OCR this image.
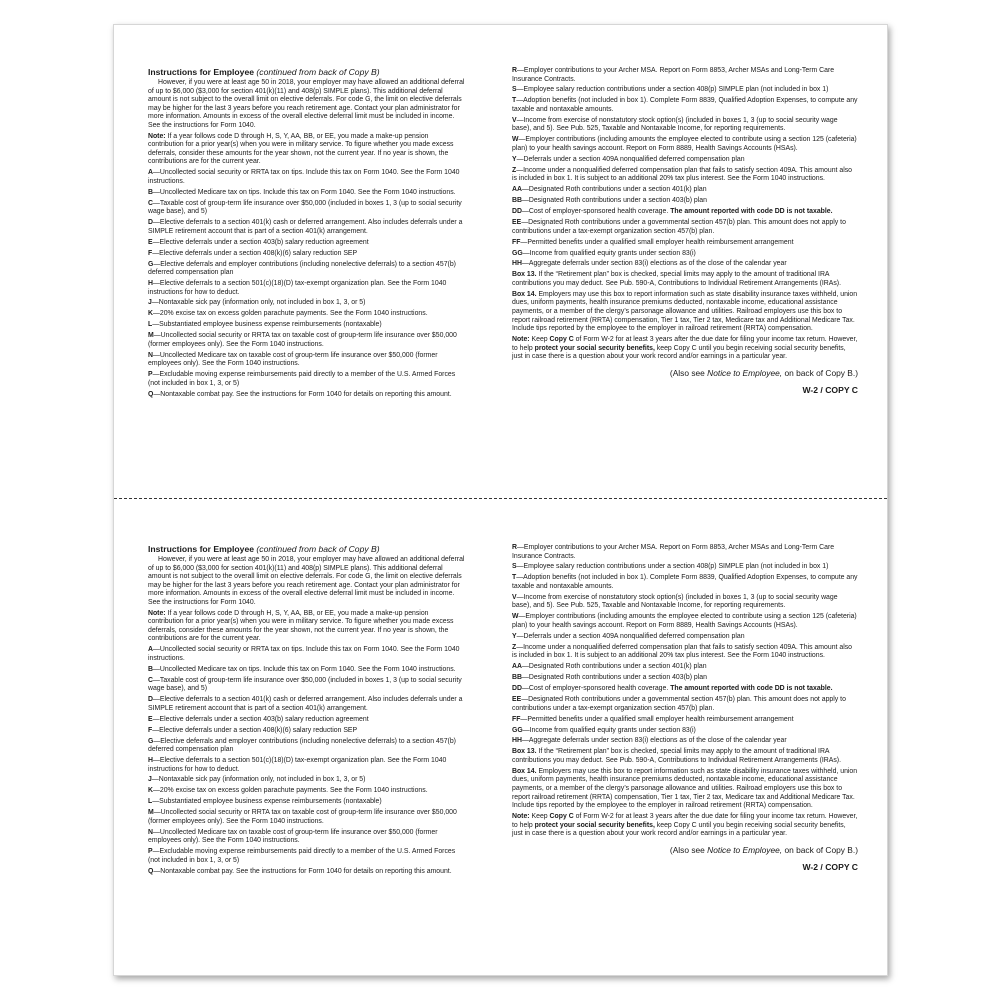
Instructions for Employee (continued from back of Copy B)

However, if you were at least age 50 in 2018, your employer may have allowed an additional deferral of up to $6,000 ($3,000 for section 401(k)(11) and 408(p) SIMPLE plans). This additional deferral amount is not subject to the overall limit on elective deferrals. For code G, the limit on elective deferrals may be higher for the last 3 years before you reach retirement age. Contact your plan administrator for more information. Amounts in excess of the overall elective deferral limit must be included in income. See the instructions for Form 1040.

Note: If a year follows code D through H, S, Y, AA, BB, or EE, you made a make-up pension contribution for a prior year(s) when you were in military service. To figure whether you made excess deferrals, consider these amounts for the year shown, not the current year. If no year is shown, the contributions are for the current year.

A—Uncollected social security or RRTA tax on tips. Include this tax on Form 1040. See the Form 1040 instructions.

B—Uncollected Medicare tax on tips. Include this tax on Form 1040. See the Form 1040 instructions.

C—Taxable cost of group-term life insurance over $50,000 (included in boxes 1, 3 (up to social security wage base), and 5)

D—Elective deferrals to a section 401(k) cash or deferred arrangement. Also includes deferrals under a SIMPLE retirement account that is part of a section 401(k) arrangement.

E—Elective deferrals under a section 403(b) salary reduction agreement

F—Elective deferrals under a section 408(k)(6) salary reduction SEP

G—Elective deferrals and employer contributions (including nonelective deferrals) to a section 457(b) deferred compensation plan

H—Elective deferrals to a section 501(c)(18)(D) tax-exempt organization plan. See the Form 1040 instructions for how to deduct.

J—Nontaxable sick pay (information only, not included in box 1, 3, or 5)

K—20% excise tax on excess golden parachute payments. See the Form 1040 instructions.

L—Substantiated employee business expense reimbursements (nontaxable)

M—Uncollected social security or RRTA tax on taxable cost of group-term life insurance over $50,000 (former employees only). See the Form 1040 instructions.

N—Uncollected Medicare tax on taxable cost of group-term life insurance over $50,000 (former employees only). See the Form 1040 instructions.

P—Excludable moving expense reimbursements paid directly to a member of the U.S. Armed Forces (not included in box 1, 3, or 5)

Q—Nontaxable combat pay. See the instructions for Form 1040 for details on reporting this amount.

R—Employer contributions to your Archer MSA. Report on Form 8853, Archer MSAs and Long-Term Care Insurance Contracts.

S—Employee salary reduction contributions under a section 408(p) SIMPLE plan (not included in box 1)

T—Adoption benefits (not included in box 1). Complete Form 8839, Qualified Adoption Expenses, to compute any taxable and nontaxable amounts.

V—Income from exercise of nonstatutory stock option(s) (included in boxes 1, 3 (up to social security wage base), and 5). See Pub. 525, Taxable and Nontaxable Income, for reporting requirements.

W—Employer contributions (including amounts the employee elected to contribute using a section 125 (cafeteria) plan) to your health savings account. Report on Form 8889, Health Savings Accounts (HSAs).

Y—Deferrals under a section 409A nonqualified deferred compensation plan

Z—Income under a nonqualified deferred compensation plan that fails to satisfy section 409A. This amount also is included in box 1. It is subject to an additional 20% tax plus interest. See the Form 1040 instructions.

AA—Designated Roth contributions under a section 401(k) plan

BB—Designated Roth contributions under a section 403(b) plan

DD—Cost of employer-sponsored health coverage. The amount reported with code DD is not taxable.

EE—Designated Roth contributions under a governmental section 457(b) plan. This amount does not apply to contributions under a tax-exempt organization section 457(b) plan.

FF—Permitted benefits under a qualified small employer health reimbursement arrangement

GG—Income from qualified equity grants under section 83(i)

HH—Aggregate deferrals under section 83(i) elections as of the close of the calendar year

Box 13. If the “Retirement plan” box is checked, special limits may apply to the amount of traditional IRA contributions you may deduct. See Pub. 590-A, Contributions to Individual Retirement Arrangements (IRAs).

Box 14. Employers may use this box to report information such as state disability insurance taxes withheld, union dues, uniform payments, health insurance premiums deducted, nontaxable income, educational assistance payments, or a member of the clergy’s parsonage allowance and utilities. Railroad employers use this box to report railroad retirement (RRTA) compensation, Tier 1 tax, Tier 2 tax, Medicare tax and Additional Medicare Tax. Include tips reported by the employee to the employer in railroad retirement (RRTA) compensation.

Note: Keep Copy C of Form W-2 for at least 3 years after the due date for filing your income tax return. However, to help protect your social security benefits, keep Copy C until you begin receiving social security benefits, just in case there is a question about your work record and/or earnings in a particular year.

(Also see Notice to Employee, on back of Copy B.)

W-2 / COPY C

Instructions for Employee (continued from back of Copy B)

However, if you were at least age 50 in 2018, your employer may have allowed an additional deferral of up to $6,000 ($3,000 for section 401(k)(11) and 408(p) SIMPLE plans). This additional deferral amount is not subject to the overall limit on elective deferrals. For code G, the limit on elective deferrals may be higher for the last 3 years before you reach retirement age. Contact your plan administrator for more information. Amounts in excess of the overall elective deferral limit must be included in income. See the instructions for Form 1040.

Note: If a year follows code D through H, S, Y, AA, BB, or EE, you made a make-up pension contribution for a prior year(s) when you were in military service. To figure whether you made excess deferrals, consider these amounts for the year shown, not the current year. If no year is shown, the contributions are for the current year.

A—Uncollected social security or RRTA tax on tips. Include this tax on Form 1040. See the Form 1040 instructions.

B—Uncollected Medicare tax on tips. Include this tax on Form 1040. See the Form 1040 instructions.

C—Taxable cost of group-term life insurance over $50,000 (included in boxes 1, 3 (up to social security wage base), and 5)

D—Elective deferrals to a section 401(k) cash or deferred arrangement. Also includes deferrals under a SIMPLE retirement account that is part of a section 401(k) arrangement.

E—Elective deferrals under a section 403(b) salary reduction agreement

F—Elective deferrals under a section 408(k)(6) salary reduction SEP

G—Elective deferrals and employer contributions (including nonelective deferrals) to a section 457(b) deferred compensation plan

H—Elective deferrals to a section 501(c)(18)(D) tax-exempt organization plan. See the Form 1040 instructions for how to deduct.

J—Nontaxable sick pay (information only, not included in box 1, 3, or 5)

K—20% excise tax on excess golden parachute payments. See the Form 1040 instructions.

L—Substantiated employee business expense reimbursements (nontaxable)

M—Uncollected social security or RRTA tax on taxable cost of group-term life insurance over $50,000 (former employees only). See the Form 1040 instructions.

N—Uncollected Medicare tax on taxable cost of group-term life insurance over $50,000 (former employees only). See the Form 1040 instructions.

P—Excludable moving expense reimbursements paid directly to a member of the U.S. Armed Forces (not included in box 1, 3, or 5)

Q—Nontaxable combat pay. See the instructions for Form 1040 for details on reporting this amount.

R—Employer contributions to your Archer MSA. Report on Form 8853, Archer MSAs and Long-Term Care Insurance Contracts.

S—Employee salary reduction contributions under a section 408(p) SIMPLE plan (not included in box 1)

T—Adoption benefits (not included in box 1). Complete Form 8839, Qualified Adoption Expenses, to compute any taxable and nontaxable amounts.

V—Income from exercise of nonstatutory stock option(s) (included in boxes 1, 3 (up to social security wage base), and 5). See Pub. 525, Taxable and Nontaxable Income, for reporting requirements.

W—Employer contributions (including amounts the employee elected to contribute using a section 125 (cafeteria) plan) to your health savings account. Report on Form 8889, Health Savings Accounts (HSAs).

Y—Deferrals under a section 409A nonqualified deferred compensation plan

Z—Income under a nonqualified deferred compensation plan that fails to satisfy section 409A. This amount also is included in box 1. It is subject to an additional 20% tax plus interest. See the Form 1040 instructions.

AA—Designated Roth contributions under a section 401(k) plan

BB—Designated Roth contributions under a section 403(b) plan

DD—Cost of employer-sponsored health coverage. The amount reported with code DD is not taxable.

EE—Designated Roth contributions under a governmental section 457(b) plan. This amount does not apply to contributions under a tax-exempt organization section 457(b) plan.

FF—Permitted benefits under a qualified small employer health reimbursement arrangement

GG—Income from qualified equity grants under section 83(i)

HH—Aggregate deferrals under section 83(i) elections as of the close of the calendar year

Box 13. If the “Retirement plan” box is checked, special limits may apply to the amount of traditional IRA contributions you may deduct. See Pub. 590-A, Contributions to Individual Retirement Arrangements (IRAs).

Box 14. Employers may use this box to report information such as state disability insurance taxes withheld, union dues, uniform payments, health insurance premiums deducted, nontaxable income, educational assistance payments, or a member of the clergy’s parsonage allowance and utilities. Railroad employers use this box to report railroad retirement (RRTA) compensation, Tier 1 tax, Tier 2 tax, Medicare tax and Additional Medicare Tax. Include tips reported by the employee to the employer in railroad retirement (RRTA) compensation.

Note: Keep Copy C of Form W-2 for at least 3 years after the due date for filing your income tax return. However, to help protect your social security benefits, keep Copy C until you begin receiving social security benefits, just in case there is a question about your work record and/or earnings in a particular year.

(Also see Notice to Employee, on back of Copy B.)

W-2 / COPY C
